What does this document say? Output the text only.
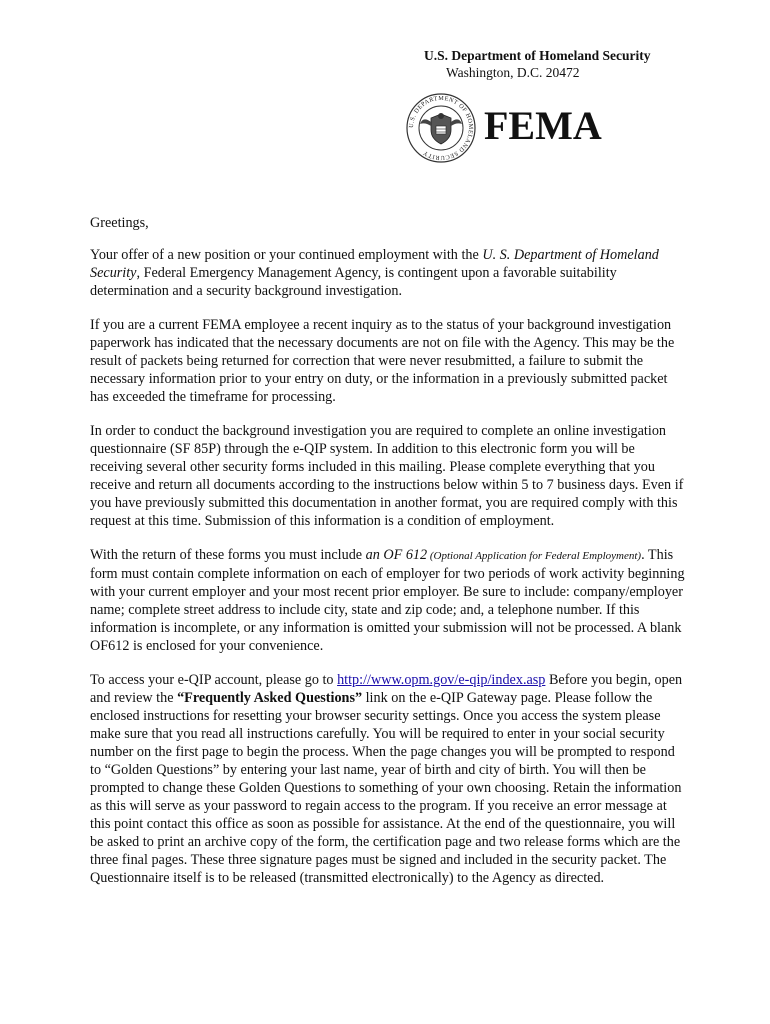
U.S. Department of Homeland Security
Washington, D.C. 20472
U.S. DEPARTMENT OF HOMELAND SECURITY
FEMA

Greetings,

Your offer of a new position or your continued employment with the U. S. Department of Homeland Security, Federal Emergency Management Agency, is contingent upon a favorable suitability determination and a security background investigation.

If you are a current FEMA employee a recent inquiry as to the status of your background investigation paperwork has indicated that the necessary documents are not on file with the Agency. This may be the result of packets being returned for correction that were never resubmitted, a failure to submit the necessary information prior to your entry on duty, or the information in a previously submitted packet has exceeded the timeframe for processing.

In order to conduct the background investigation you are required to complete an online investigation questionnaire (SF 85P) through the e-QIP system. In addition to this electronic form you will be receiving several other security forms included in this mailing. Please complete everything that you receive and return all documents according to the instructions below within 5 to 7 business days. Even if you have previously submitted this documentation in another format, you are required comply with this request at this time. Submission of this information is a condition of employment.

With the return of these forms you must include an OF 612 (Optional Application for Federal Employment). This form must contain complete information on each of employer for two periods of work activity beginning with your current employer and your most recent prior employer. Be sure to include: company/employer name; complete street address to include city, state and zip code; and, a telephone number. If this information is incomplete, or any information is omitted your submission will not be processed. A blank OF612 is enclosed for your convenience.

To access your e-QIP account, please go to http://www.opm.gov/e-qip/index.asp Before you begin, open and review the “Frequently Asked Questions” link on the e-QIP Gateway page. Please follow the enclosed instructions for resetting your browser security settings. Once you access the system please make sure that you read all instructions carefully. You will be required to enter in your social security number on the first page to begin the process. When the page changes you will be prompted to respond to “Golden Questions” by entering your last name, year of birth and city of birth. You will then be prompted to change these Golden Questions to something of your own choosing. Retain the information as this will serve as your password to regain access to the program. If you receive an error message at this point contact this office as soon as possible for assistance. At the end of the questionnaire, you will be asked to print an archive copy of the form, the certification page and two release forms which are the three final pages. These three signature pages must be signed and included in the security packet. The Questionnaire itself is to be released (transmitted electronically) to the Agency as directed.
